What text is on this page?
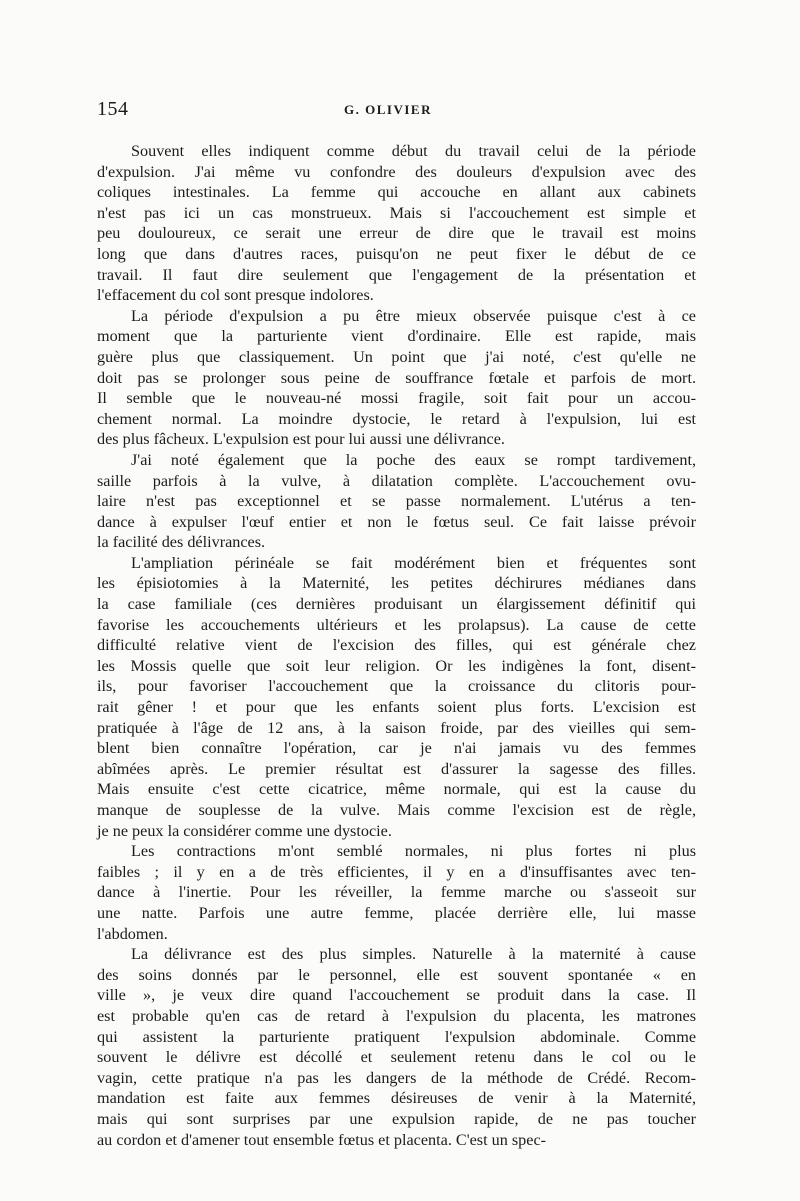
154	G. OLIVIER
Souvent elles indiquent comme début du travail celui de la période
d'expulsion. J'ai même vu confondre des douleurs d'expulsion avec des
coliques intestinales. La femme qui accouche en allant aux cabinets
n'est pas ici un cas monstrueux. Mais si l'accouchement est simple et
peu douloureux, ce serait une erreur de dire que le travail est moins
long que dans d'autres races, puisqu'on ne peut fixer le début de ce
travail. Il faut dire seulement que l'engagement de la présentation et
l'effacement du col sont presque indolores.
La période d'expulsion a pu être mieux observée puisque c'est à ce
moment que la parturiente vient d'ordinaire. Elle est rapide, mais
guère plus que classiquement. Un point que j'ai noté, c'est qu'elle ne
doit pas se prolonger sous peine de souffrance fœtale et parfois de mort.
Il semble que le nouveau-né mossi fragile, soit fait pour un accou-
chement normal. La moindre dystocie, le retard à l'expulsion, lui est
des plus fâcheux. L'expulsion est pour lui aussi une délivrance.
J'ai noté également que la poche des eaux se rompt tardivement,
saille parfois à la vulve, à dilatation complète. L'accouchement ovu-
laire n'est pas exceptionnel et se passe normalement. L'utérus a ten-
dance à expulser l'œuf entier et non le fœtus seul. Ce fait laisse prévoir
la facilité des délivrances.
L'ampliation périnéale se fait modérément bien et fréquentes sont
les épisiotomies à la Maternité, les petites déchirures médianes dans
la case familiale (ces dernières produisant un élargissement définitif qui
favorise les accouchements ultérieurs et les prolapsus). La cause de cette
difficulté relative vient de l'excision des filles, qui est générale chez
les Mossis quelle que soit leur religion. Or les indigènes la font, disent-
ils, pour favoriser l'accouchement que la croissance du clitoris pour-
rait gêner ! et pour que les enfants soient plus forts. L'excision est
pratiquée à l'âge de 12 ans, à la saison froide, par des vieilles qui sem-
blent bien connaître l'opération, car je n'ai jamais vu des femmes
abîmées après. Le premier résultat est d'assurer la sagesse des filles.
Mais ensuite c'est cette cicatrice, même normale, qui est la cause du
manque de souplesse de la vulve. Mais comme l'excision est de règle,
je ne peux la considérer comme une dystocie.
Les contractions m'ont semblé normales, ni plus fortes ni plus
faibles ; il y en a de très efficientes, il y en a d'insuffisantes avec ten-
dance à l'inertie. Pour les réveiller, la femme marche ou s'asseoit sur
une natte. Parfois une autre femme, placée derrière elle, lui masse
l'abdomen.
La délivrance est des plus simples. Naturelle à la maternité à cause
des soins donnés par le personnel, elle est souvent spontanée « en
ville », je veux dire quand l'accouchement se produit dans la case. Il
est probable qu'en cas de retard à l'expulsion du placenta, les matrones
qui assistent la parturiente pratiquent l'expulsion abdominale. Comme
souvent le délivre est décollé et seulement retenu dans le col ou le
vagin, cette pratique n'a pas les dangers de la méthode de Crédé. Recom-
mandation est faite aux femmes désireuses de venir à la Maternité,
mais qui sont surprises par une expulsion rapide, de ne pas toucher
au cordon et d'amener tout ensemble fœtus et placenta. C'est un spec-
